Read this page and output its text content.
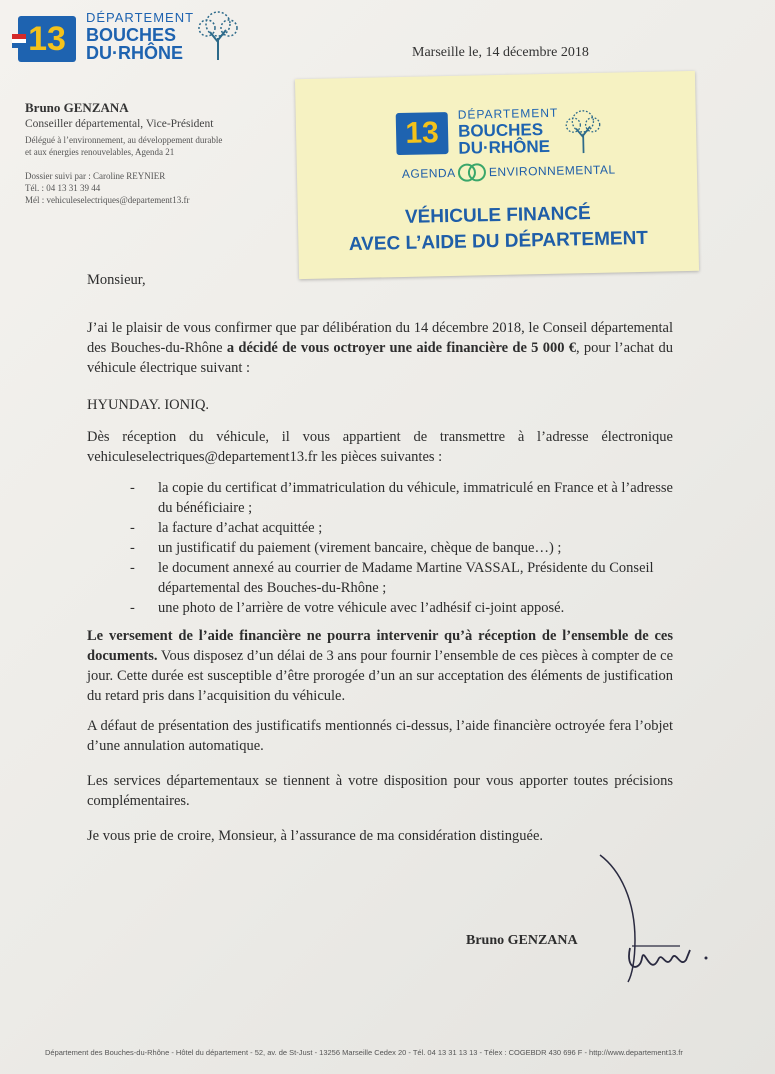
13
DÉPARTEMENT
BOUCHES
DU·RHÔNE	Marseille le, 14 décembre 2018
Bruno GENZANA
Conseiller départemental, Vice-Président
Délégué à l’environnement, au développement durable
et aux énergies renouvelables, Agenda 21
Dossier suivi par : Caroline REYNIER
Tél. : 04 13 31 39 44
Mél : vehiculeselectriques@departement13.fr
13
DÉPARTEMENT
BOUCHES
DU·RHÔNE
AGENDA	ENVIRONNEMENTAL
VÉHICULE FINANCÉ
AVEC L’AIDE DU DÉPARTEMENT
Monsieur,
J’ai le plaisir de vous confirmer que par délibération du 14 décembre 2018, le Conseil départemental des Bouches-du-Rhône a décidé de vous octroyer une aide financière de 5 000 €, pour l’achat du véhicule électrique suivant :
HYUNDAY. IONIQ.
Dès réception du véhicule, il vous appartient de transmettre à l’adresse électronique vehiculeselectriques@departement13.fr les pièces suivantes :
- la copie du certificat d’immatriculation du véhicule, immatriculé en France et à l’adresse du bénéficiaire ;
- la facture d’achat acquittée ;
- un justificatif du paiement (virement bancaire, chèque de banque…) ;
- le document annexé au courrier de Madame Martine VASSAL, Présidente du Conseil départemental des Bouches-du-Rhône ;
- une photo de l’arrière de votre véhicule avec l’adhésif ci-joint apposé.
Le versement de l’aide financière ne pourra intervenir qu’à réception de l’ensemble de ces documents. Vous disposez d’un délai de 3 ans pour fournir l’ensemble de ces pièces à compter de ce jour. Cette durée est susceptible d’être prorogée d’un an sur acceptation des éléments de justification du retard pris dans l’acquisition du véhicule.
A défaut de présentation des justificatifs mentionnés ci-dessus, l’aide financière octroyée fera l’objet d’une annulation automatique.
Les services départementaux se tiennent à votre disposition pour vous apporter toutes précisions complémentaires.
Je vous prie de croire, Monsieur, à l’assurance de ma considération distinguée.
Bruno GENZANA
Département des Bouches-du-Rhône - Hôtel du département - 52, av. de St-Just - 13256 Marseille Cedex 20 - Tél. 04 13 31 13 13 - Télex : COGEBDR 430 696 F - http://www.departement13.fr
